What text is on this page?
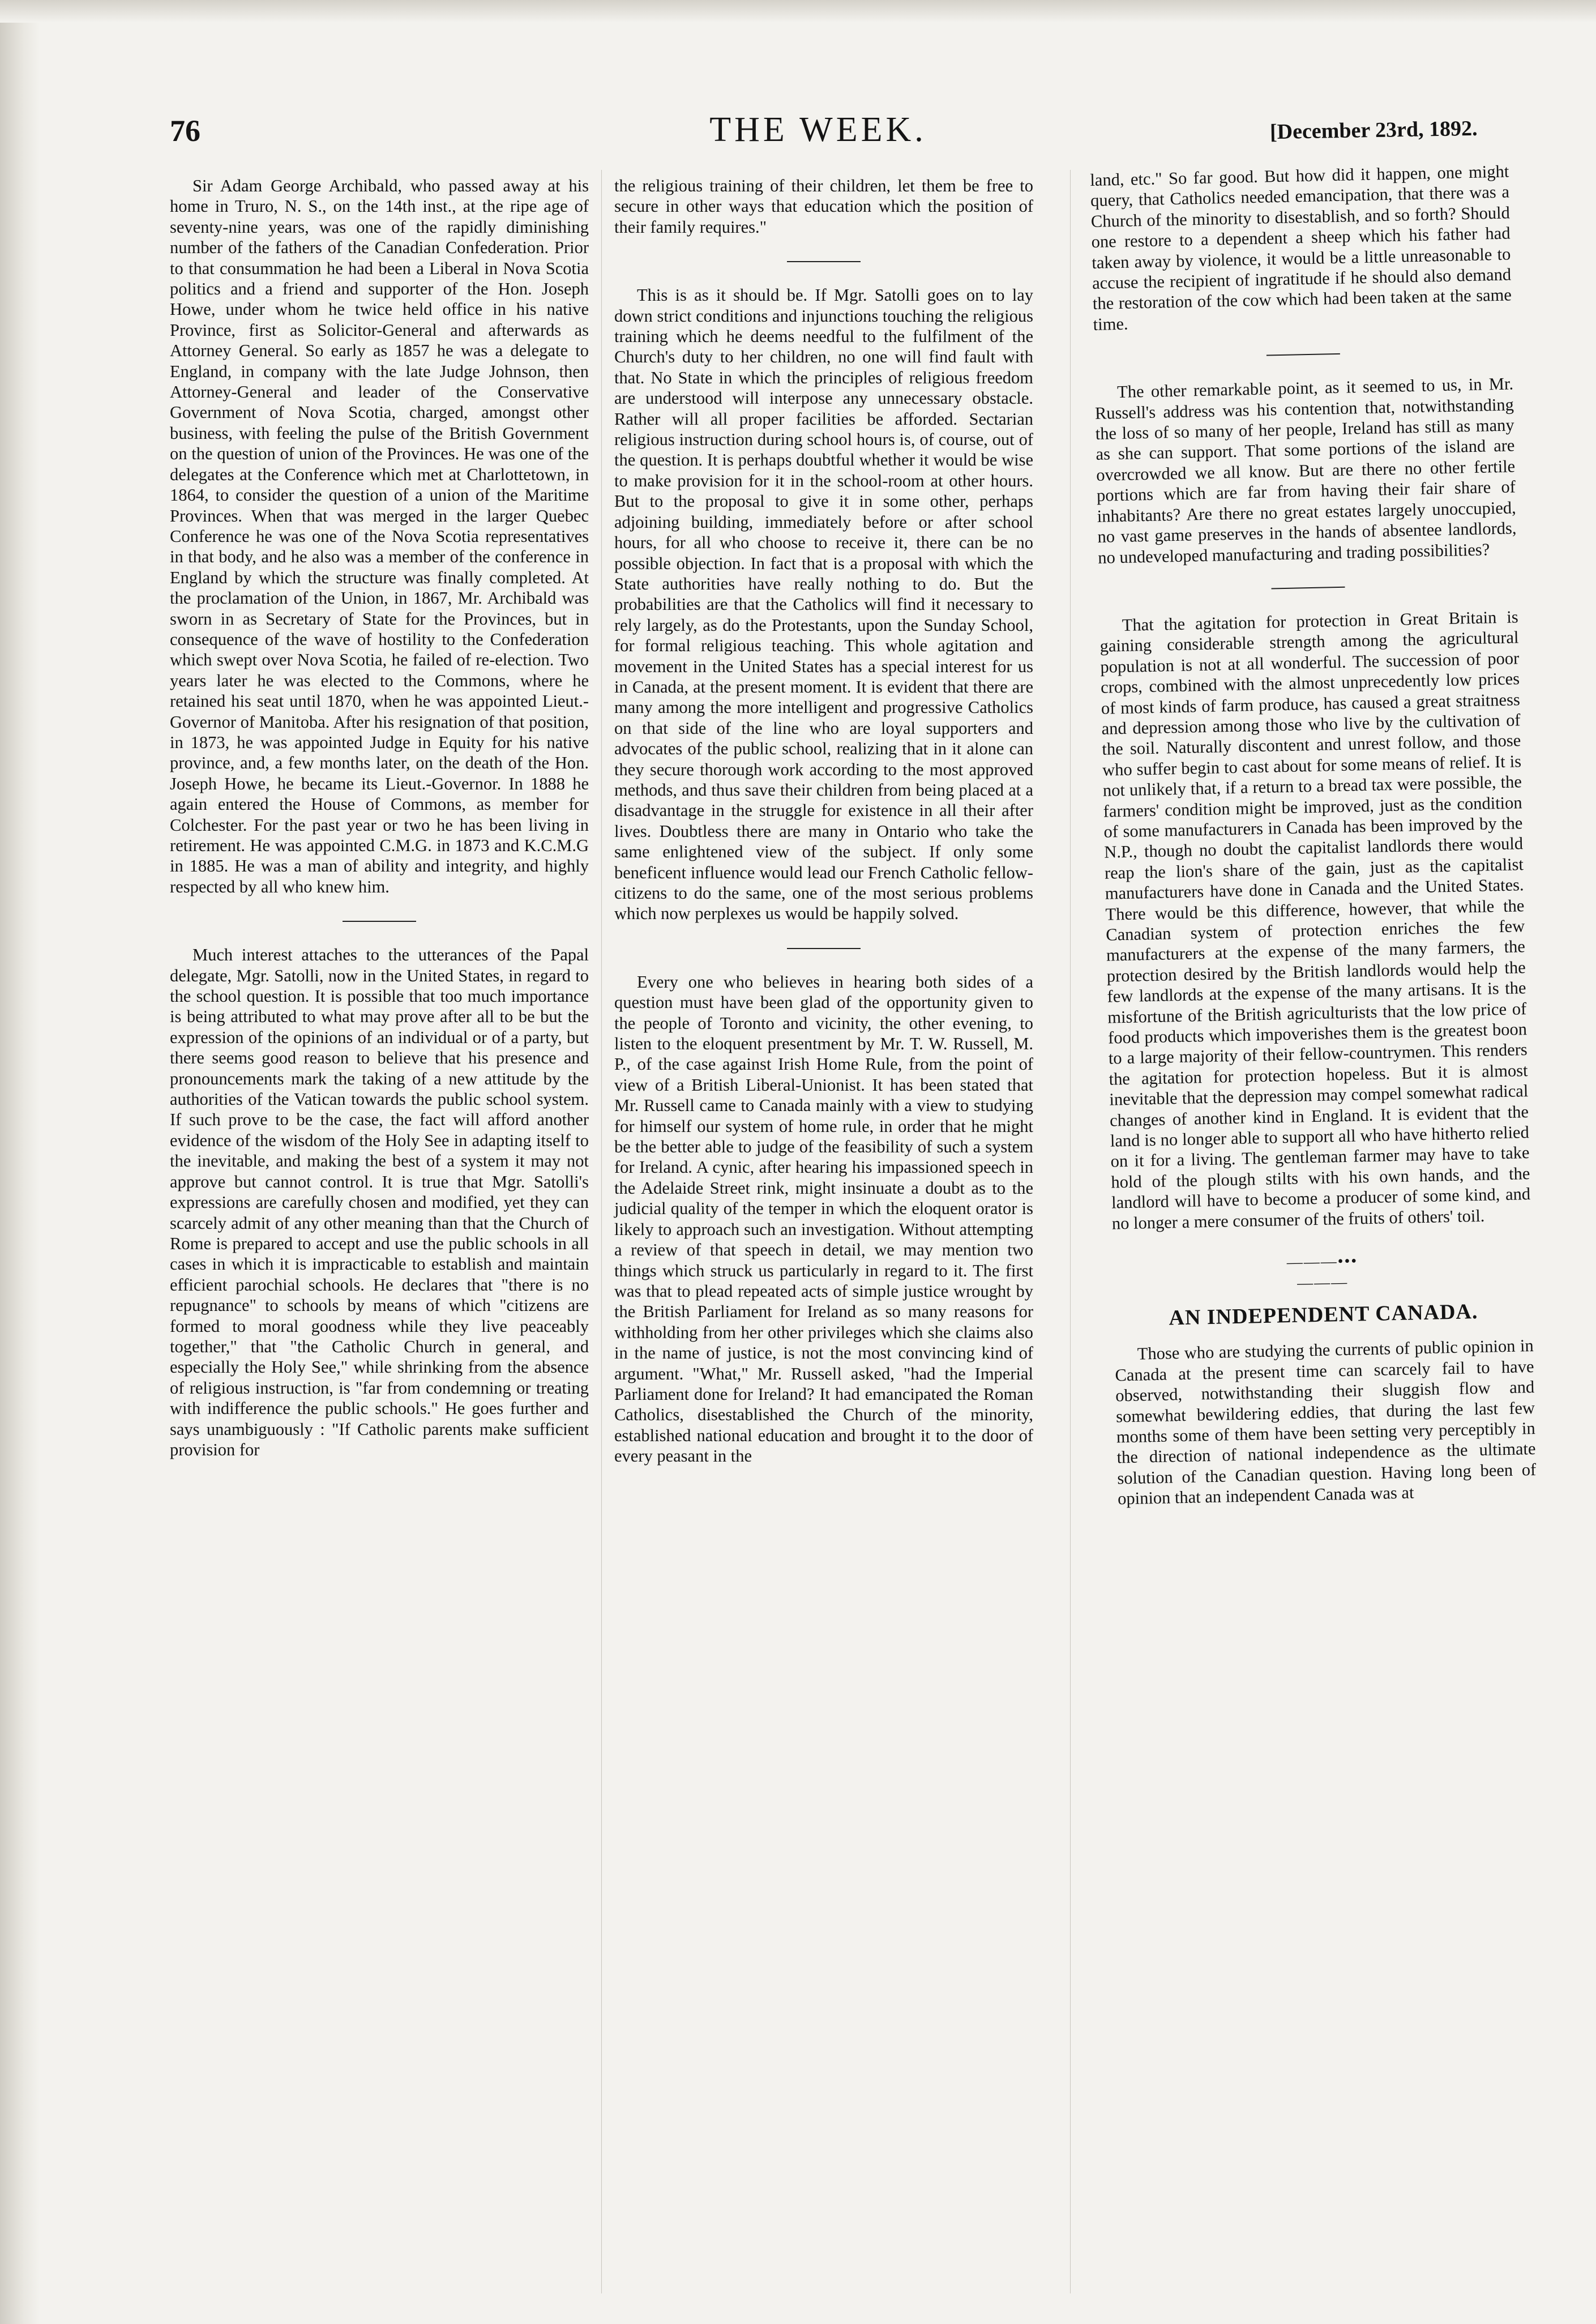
76	THE WEEK.	[December 23rd, 1892.

Sir Adam George Archibald, who passed away at his home in Truro, N. S., on the 14th inst., at the ripe age of seventy-nine years, was one of the rapidly diminishing number of the fathers of the Canadian Confederation. Prior to that consummation he had been a Liberal in Nova Scotia politics and a friend and supporter of the Hon. Joseph Howe, under whom he twice held office in his native Province, first as Solicitor-General and afterwards as Attorney General. So early as 1857 he was a delegate to England, in company with the late Judge Johnson, then Attorney-General and leader of the Conservative Government of Nova Scotia, charged, amongst other business, with feeling the pulse of the British Government on the question of union of the Provinces. He was one of the delegates at the Conference which met at Charlottetown, in 1864, to consider the question of a union of the Maritime Provinces. When that was merged in the larger Quebec Conference he was one of the Nova Scotia representatives in that body, and he also was a member of the conference in England by which the structure was finally completed. At the proclamation of the Union, in 1867, Mr. Archibald was sworn in as Secretary of State for the Provinces, but in consequence of the wave of hostility to the Confederation which swept over Nova Scotia, he failed of re-election. Two years later he was elected to the Commons, where he retained his seat until 1870, when he was appointed Lieut.-Governor of Manitoba. After his resignation of that position, in 1873, he was appointed Judge in Equity for his native province, and, a few months later, on the death of the Hon. Joseph Howe, he became its Lieut.-Governor. In 1888 he again entered the House of Commons, as member for Colchester. For the past year or two he has been living in retirement. He was appointed C.M.G. in 1873 and K.C.M.G in 1885. He was a man of ability and integrity, and highly respected by all who knew him.

Much interest attaches to the utterances of the Papal delegate, Mgr. Satolli, now in the United States, in regard to the school question. It is possible that too much importance is being attributed to what may prove after all to be but the expression of the opinions of an individual or of a party, but there seems good reason to believe that his presence and pronouncements mark the taking of a new attitude by the authorities of the Vatican towards the public school system. If such prove to be the case, the fact will afford another evidence of the wisdom of the Holy See in adapting itself to the inevitable, and making the best of a system it may not approve but cannot control. It is true that Mgr. Satolli's expressions are carefully chosen and modified, yet they can scarcely admit of any other meaning than that the Church of Rome is prepared to accept and use the public schools in all cases in which it is impracticable to establish and maintain efficient parochial schools. He declares that "there is no repugnance" to schools by means of which "citizens are formed to moral goodness while they live peaceably together," that "the Catholic Church in general, and especially the Holy See," while shrinking from the absence of religious instruction, is "far from condemning or treating with indifference the public schools." He goes further and says unambiguously : "If Catholic parents make sufficient provision for

the religious training of their children, let them be free to secure in other ways that education which the position of their family requires."

This is as it should be. If Mgr. Satolli goes on to lay down strict conditions and injunctions touching the religious training which he deems needful to the fulfilment of the Church's duty to her children, no one will find fault with that. No State in which the principles of religious freedom are understood will interpose any unnecessary obstacle. Rather will all proper facilities be afforded. Sectarian religious instruction during school hours is, of course, out of the question. It is perhaps doubtful whether it would be wise to make provision for it in the school-room at other hours. But to the proposal to give it in some other, perhaps adjoining building, immediately before or after school hours, for all who choose to receive it, there can be no possible objection. In fact that is a proposal with which the State authorities have really nothing to do. But the probabilities are that the Catholics will find it necessary to rely largely, as do the Protestants, upon the Sunday School, for formal religious teaching. This whole agitation and movement in the United States has a special interest for us in Canada, at the present moment. It is evident that there are many among the more intelligent and progressive Catholics on that side of the line who are loyal supporters and advocates of the public school, realizing that in it alone can they secure thorough work according to the most approved methods, and thus save their children from being placed at a disadvantage in the struggle for existence in all their after lives. Doubtless there are many in Ontario who take the same enlightened view of the subject. If only some beneficent influence would lead our French Catholic fellow-citizens to do the same, one of the most serious problems which now perplexes us would be happily solved.

Every one who believes in hearing both sides of a question must have been glad of the opportunity given to the people of Toronto and vicinity, the other evening, to listen to the eloquent presentment by Mr. T. W. Russell, M. P., of the case against Irish Home Rule, from the point of view of a British Liberal-Unionist. It has been stated that Mr. Russell came to Canada mainly with a view to studying for himself our system of home rule, in order that he might be the better able to judge of the feasibility of such a system for Ireland. A cynic, after hearing his impassioned speech in the Adelaide Street rink, might insinuate a doubt as to the judicial quality of the temper in which the eloquent orator is likely to approach such an investigation. Without attempting a review of that speech in detail, we may mention two things which struck us particularly in regard to it. The first was that to plead repeated acts of simple justice wrought by the British Parliament for Ireland as so many reasons for withholding from her other privileges which she claims also in the name of justice, is not the most convincing kind of argument. "What," Mr. Russell asked, "had the Imperial Parliament done for Ireland? It had emancipated the Roman Catholics, disestablished the Church of the minority, established national education and brought it to the door of every peasant in the

land, etc." So far good. But how did it happen, one might query, that Catholics needed emancipation, that there was a Church of the minority to disestablish, and so forth? Should one restore to a dependent a sheep which his father had taken away by violence, it would be a little unreasonable to accuse the recipient of ingratitude if he should also demand the restoration of the cow which had been taken at the same time.

The other remarkable point, as it seemed to us, in Mr. Russell's address was his contention that, notwithstanding the loss of so many of her people, Ireland has still as many as she can support. That some portions of the island are overcrowded we all know. But are there no other fertile portions which are far from having their fair share of inhabitants? Are there no great estates largely unoccupied, no vast game preserves in the hands of absentee landlords, no undeveloped manufacturing and trading possibilities?

That the agitation for protection in Great Britain is gaining considerable strength among the agricultural population is not at all wonderful. The succession of poor crops, combined with the almost unprecedently low prices of most kinds of farm produce, has caused a great straitness and depression among those who live by the cultivation of the soil. Naturally discontent and unrest follow, and those who suffer begin to cast about for some means of relief. It is not unlikely that, if a return to a bread tax were possible, the farmers' condition might be improved, just as the condition of some manufacturers in Canada has been improved by the N.P., though no doubt the capitalist landlords there would reap the lion's share of the gain, just as the capitalist manufacturers have done in Canada and the United States. There would be this difference, however, that while the Canadian system of protection enriches the few manufacturers at the expense of the many farmers, the protection desired by the British landlords would help the few landlords at the expense of the many artisans. It is the misfortune of the British agriculturists that the low price of food products which impoverishes them is the greatest boon to a large majority of their fellow-countrymen. This renders the agitation for protection hopeless. But it is almost inevitable that the depression may compel somewhat radical changes of another kind in England. It is evident that the land is no longer able to support all who have hitherto relied on it for a living. The gentleman farmer may have to take hold of the plough stilts with his own hands, and the landlord will have to become a producer of some kind, and no longer a mere consumer of the fruits of others' toil.

———•••———
AN INDEPENDENT CANADA.

Those who are studying the currents of public opinion in Canada at the present time can scarcely fail to have observed, notwithstanding their sluggish flow and somewhat bewildering eddies, that during the last few months some of them have been setting very perceptibly in the direction of national independence as the ultimate solution of the Canadian question. Having long been of opinion that an independent Canada was at
